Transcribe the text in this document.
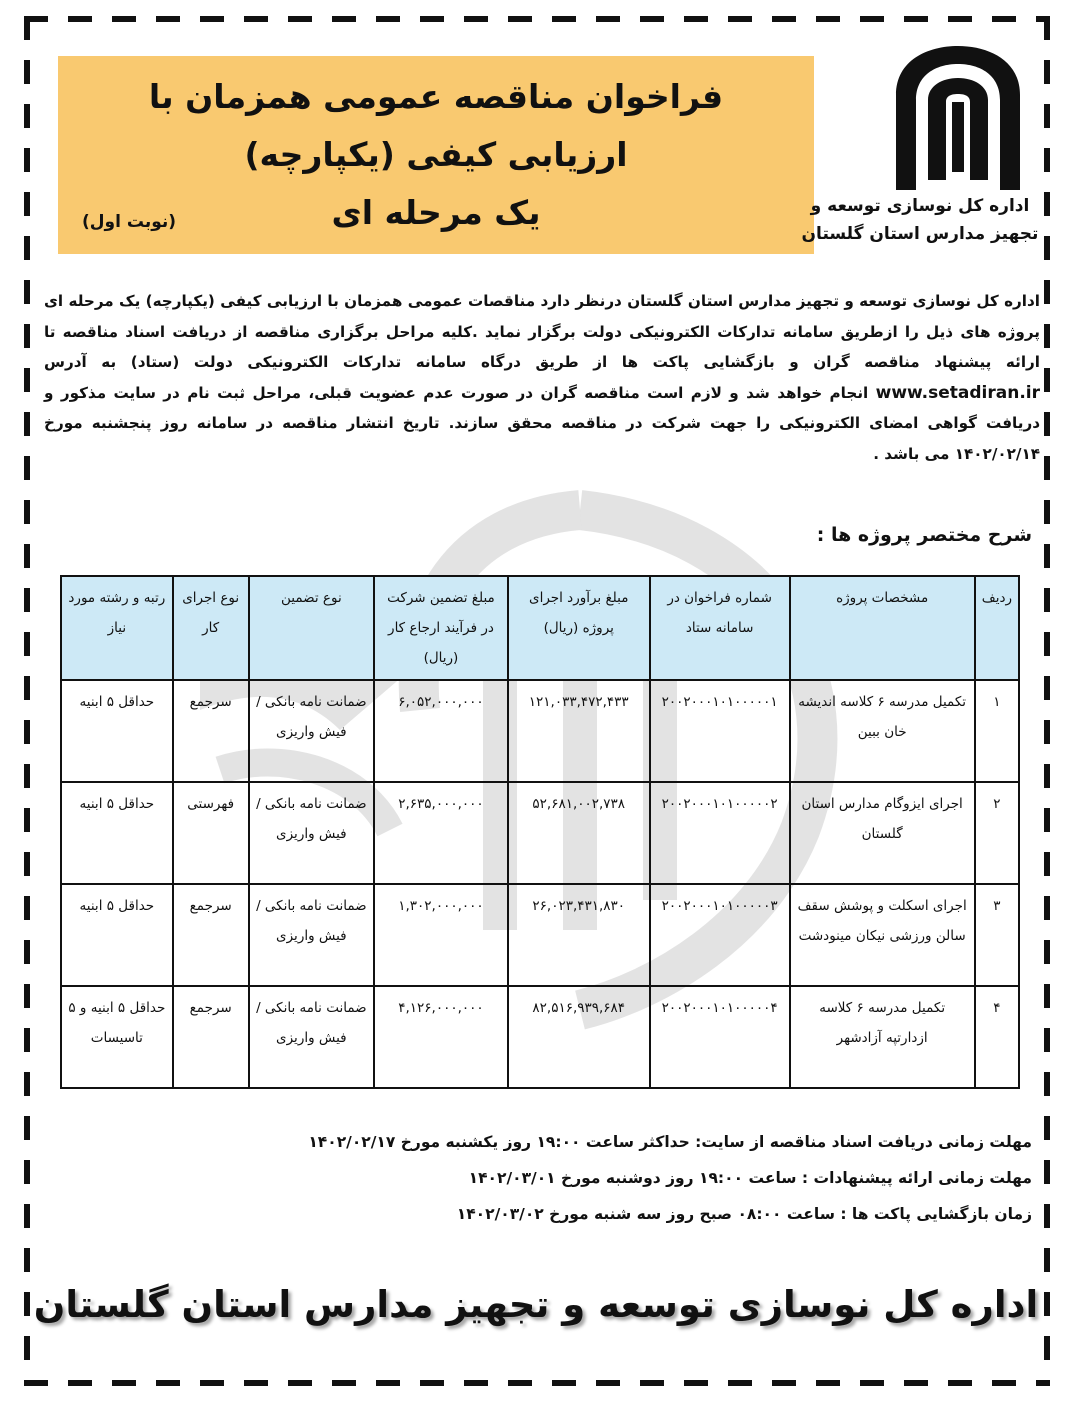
فراخوان مناقصه عمومی همزمان با
ارزیابی کیفی (یکپارچه)
یک مرحله ای
(نوبت اول)
اداره کل نوسازی توسعه و
تجهیز مدارس استان گلستان
اداره کل نوسازی توسعه و تجهیز مدارس استان گلستان درنظر دارد مناقصات عمومی همزمان با ارزیابی کیفی (یکپارچه) یک مرحله ای پروژه های ذیل را ازطریق سامانه تدارکات الکترونیکی دولت برگزار نماید .کلیه مراحل برگزاری مناقصه از دریافت اسناد مناقصه تا ارائه پیشنهاد مناقصه گران و بازگشایی پاکت ها از طریق درگاه سامانه تدارکات الکترونیکی دولت (ستاد) به آدرس www.setadiran.ir انجام خواهد شد و لازم است مناقصه گران در صورت عدم عضویت قبلی، مراحل ثبت نام در سایت مذکور و دریافت گواهی امضای الکترونیکی را جهت شرکت در مناقصه محقق سازند. تاریخ انتشار مناقصه در سامانه روز پنجشنبه مورخ ۱۴۰۲/۰۲/۱۴ می باشد .
شرح مختصر پروژه ها :
ردیف	مشخصات پروژه	شماره فراخوان در سامانه ستاد	مبلغ برآورد اجرای پروژه (ریال)	مبلغ تضمین شرکت در فرآیند ارجاع کار (ریال)	نوع تضمین	نوع اجرای کار	رتبه و رشته مورد نیاز
۱	تکمیل مدرسه ۶ کلاسه اندیشه خان ببین	۲۰۰۲۰۰۰۱۰۱۰۰۰۰۰۱	۱۲۱,۰۳۳,۴۷۲,۴۳۳	۶,۰۵۲,۰۰۰,۰۰۰	ضمانت نامه بانکی / فیش واریزی	سرجمع	حداقل ۵ ابنیه
۲	اجرای ایزوگام مدارس استان گلستان	۲۰۰۲۰۰۰۱۰۱۰۰۰۰۰۲	۵۲,۶۸۱,۰۰۲,۷۳۸	۲,۶۳۵,۰۰۰,۰۰۰	ضمانت نامه بانکی / فیش واریزی	فهرستی	حداقل ۵ ابنیه
۳	اجرای اسکلت و پوشش سقف سالن ورزشی نیکان مینودشت	۲۰۰۲۰۰۰۱۰۱۰۰۰۰۰۳	۲۶,۰۲۳,۴۳۱,۸۳۰	۱,۳۰۲,۰۰۰,۰۰۰	ضمانت نامه بانکی / فیش واریزی	سرجمع	حداقل ۵ ابنیه
۴	تکمیل مدرسه ۶ کلاسه ازدارتپه آزادشهر	۲۰۰۲۰۰۰۱۰۱۰۰۰۰۰۴	۸۲,۵۱۶,۹۳۹,۶۸۴	۴,۱۲۶,۰۰۰,۰۰۰	ضمانت نامه بانکی / فیش واریزی	سرجمع	حداقل ۵ ابنیه و ۵ تاسیسات
مهلت زمانی دریافت اسناد مناقصه از سایت: حداکثر ساعت ۱۹:۰۰ روز یکشنبه مورخ ۱۴۰۲/۰۲/۱۷
مهلت زمانی ارائه پیشنهادات : ساعت ۱۹:۰۰ روز دوشنبه مورخ ۱۴۰۲/۰۳/۰۱
زمان بازگشایی پاکت ها : ساعت ۰۸:۰۰ صبح روز سه شنبه مورخ ۱۴۰۲/۰۳/۰۲
اداره کل نوسازی توسعه و تجهیز مدارس استان گلستان
